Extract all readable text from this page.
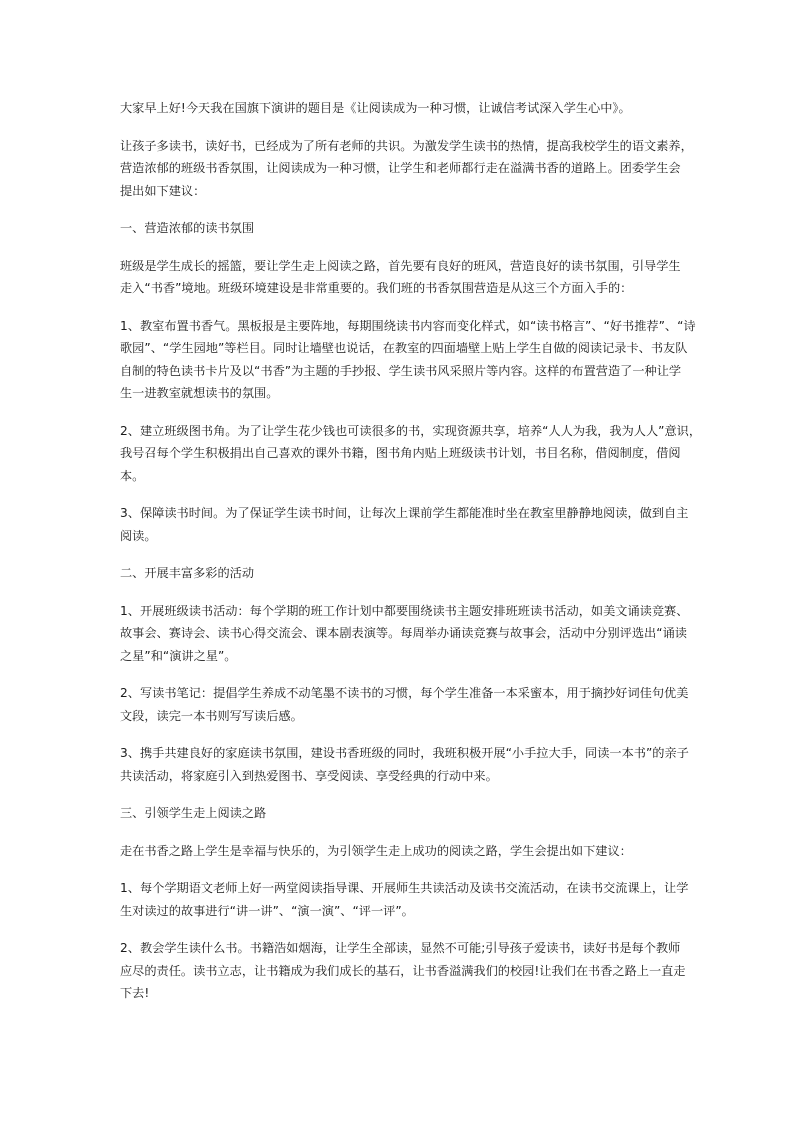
大家早上好!今天我在国旗下演讲的题目是《让阅读成为一种习惯，让诚信考试深入学生心中》。
让孩子多读书，读好书，已经成为了所有老师的共识。为激发学生读书的热情，提高我校学生的语文素养，
营造浓郁的班级书香氛围，让阅读成为一种习惯，让学生和老师都行走在溢满书香的道路上。团委学生会
提出如下建议：
一、营造浓郁的读书氛围
班级是学生成长的摇篮，要让学生走上阅读之路，首先要有良好的班风，营造良好的读书氛围，引导学生
走入“书香”境地。班级环境建设是非常重要的。我们班的书香氛围营造是从这三个方面入手的：
1、教室布置书香气。黑板报是主要阵地，每期围绕读书内容而变化样式，如“读书格言”、“好书推荐”、“诗
歌园”、“学生园地”等栏目。同时让墙壁也说话，在教室的四面墙壁上贴上学生自做的阅读记录卡、书友队
自制的特色读书卡片及以“书香”为主题的手抄报、学生读书风采照片等内容。这样的布置营造了一种让学
生一进教室就想读书的氛围。
2、建立班级图书角。为了让学生花少钱也可读很多的书，实现资源共享，培养“人人为我，我为人人”意识，
我号召每个学生积极捐出自己喜欢的课外书籍，图书角内贴上班级读书计划，书目名称，借阅制度，借阅
本。
3、保障读书时间。为了保证学生读书时间，让每次上课前学生都能准时坐在教室里静静地阅读，做到自主
阅读。
二、开展丰富多彩的活动
1、开展班级读书活动：每个学期的班工作计划中都要围绕读书主题安排班班读书活动，如美文诵读竞赛、
故事会、赛诗会、读书心得交流会、课本剧表演等。每周举办诵读竞赛与故事会，活动中分别评选出“诵读
之星”和“演讲之星”。
2、写读书笔记：提倡学生养成不动笔墨不读书的习惯，每个学生准备一本采蜜本，用于摘抄好词佳句优美
文段，读完一本书则写写读后感。
3、携手共建良好的家庭读书氛围，建设书香班级的同时，我班积极开展“小手拉大手，同读一本书”的亲子
共读活动，将家庭引入到热爱图书、享受阅读、享受经典的行动中来。
三、引领学生走上阅读之路
走在书香之路上学生是幸福与快乐的，为引领学生走上成功的阅读之路，学生会提出如下建议：
1、每个学期语文老师上好一两堂阅读指导课、开展师生共读活动及读书交流活动，在读书交流课上，让学
生对读过的故事进行“讲一讲”、“演一演”、“评一评”。
2、教会学生读什么书。书籍浩如烟海，让学生全部读，显然不可能;引导孩子爱读书，读好书是每个教师
应尽的责任。读书立志，让书籍成为我们成长的基石，让书香溢满我们的校园!让我们在书香之路上一直走
下去!
